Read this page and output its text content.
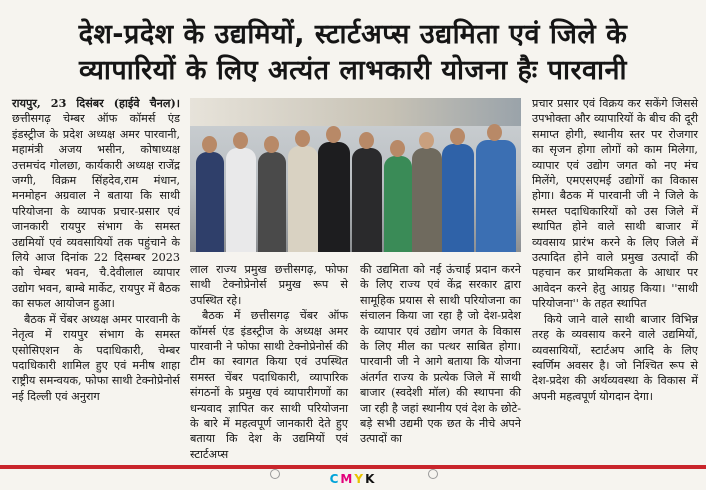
देश-प्रदेश के उद्यमियों, स्टार्टअप्स उद्यमिता एवं जिले के
व्यापारियों के लिए अत्यंत लाभकारी योजना हैः पारवानी

रायपुर, 23 दिसंबर (हाईवे चैनल)। छत्तीसगढ़ चेम्बर ऑफ कॉमर्स एंड इंडस्ट्रीज के प्रदेश अध्यक्ष अमर पारवानी, महामंत्री अजय भसीन, कोषाध्यक्ष उत्तमचंद गोलछा, कार्यकारी अध्यक्ष राजेंद्र जग्गी, विक्रम सिंहदेव,राम मंधान, मनमोहन अग्रवाल ने बताया कि साथी परियोजना के व्यापक प्रचार-प्रसार एवं जानकारी रायपुर संभाग के समस्त उद्यमियों एवं व्यवसायियों तक पहुंचाने के लिये आज दिनांक 22 दिसम्बर 2023 को चेम्बर भवन, चै.देवीलाल व्यापार उद्योग भवन, बाम्बे मार्केट, रायपुर में बैठक का सफल आयोजन हुआ।

बैठक में चेंबर अध्यक्ष अमर पारवानी के नेतृत्व में रायपुर संभाग के समस्त एसोसिएशन के पदाधिकारी, चेम्बर पदाधिकारी शामिल हुए एवं मनीष शाहा राष्ट्रीय समन्वयक, फोफा साथी टेक्नोप्रेनोर्स नई दिल्ली एवं अनुराग

लाल राज्य प्रमुख छत्तीसगढ़, फोफा साथी टेक्नोप्रेनोर्स प्रमुख रूप से उपस्थित रहे।

बैठक में छत्तीसगढ़ चेंबर ऑफ कॉमर्स एंड इंडस्ट्रीज के अध्यक्ष अमर पारवानी ने फोफा साथी टेक्नोप्रेनोर्स की टीम का स्वागत किया एवं उपस्थित समस्त चेंबर पदाधिकारी, व्यापारिक संगठनों के प्रमुख एवं व्यापारीगणों का धन्यवाद ज्ञापित कर साथी परियोजना के बारे में महत्वपूर्ण जानकारी देते हुए बताया कि देश के उद्यमियों एवं स्टार्टअप्स

की उद्यमिता को नई ऊंचाई प्रदान करने के लिए राज्य एवं केंद्र सरकार द्वारा सामूहिक प्रयास से साथी परियोजना का संचालन किया जा रहा है जो देश-प्रदेश के व्यापार एवं उद्योग जगत के विकास के लिए मील का पत्थर साबित होगा। पारवानी जी ने आगे बताया कि योजना अंतर्गत राज्य के प्रत्येक जिले में साथी बाजार (स्वदेशी मॉल) की स्थापना की जा रही है जहां स्थानीय एवं देश के छोटे-बड़े सभी उद्यमी एक छत के नीचे अपने उत्पादों का

प्रचार प्रसार एवं विक्रय कर सकेंगे जिससे उपभोक्ता और व्यापारियों के बीच की दूरी समाप्त होगी, स्थानीय स्तर पर रोजगार का सृजन होगा लोगों को काम मिलेगा, व्यापार एवं उद्योग जगत को नए मंच मिलेंगे, एमएसएमई उद्योगों का विकास होगा। बैठक में पारवानी जी ने जिले के समस्त पदाधिकारियों को उस जिले में स्थापित होने वाले साथी बाजार में व्यवसाय प्रारंभ करने के लिए जिले में उत्पादित होने वाले प्रमुख उत्पादों की पहचान कर प्राथमिकता के आधार पर आवेदन करने हेतु आग्रह किया। ''साथी परियोजना'' के तहत स्थापित

किये जाने वाले साथी बाजार विभिन्न तरह के व्यवसाय करने वाले उद्यमियों, व्यवसायियों, स्टार्टअप आदि के लिए स्वर्णिम अवसर है। जो निश्चित रूप से देश-प्रदेश की अर्थव्यवस्था के विकास में अपनी महत्वपूर्ण योगदान देगा।

CMYK
